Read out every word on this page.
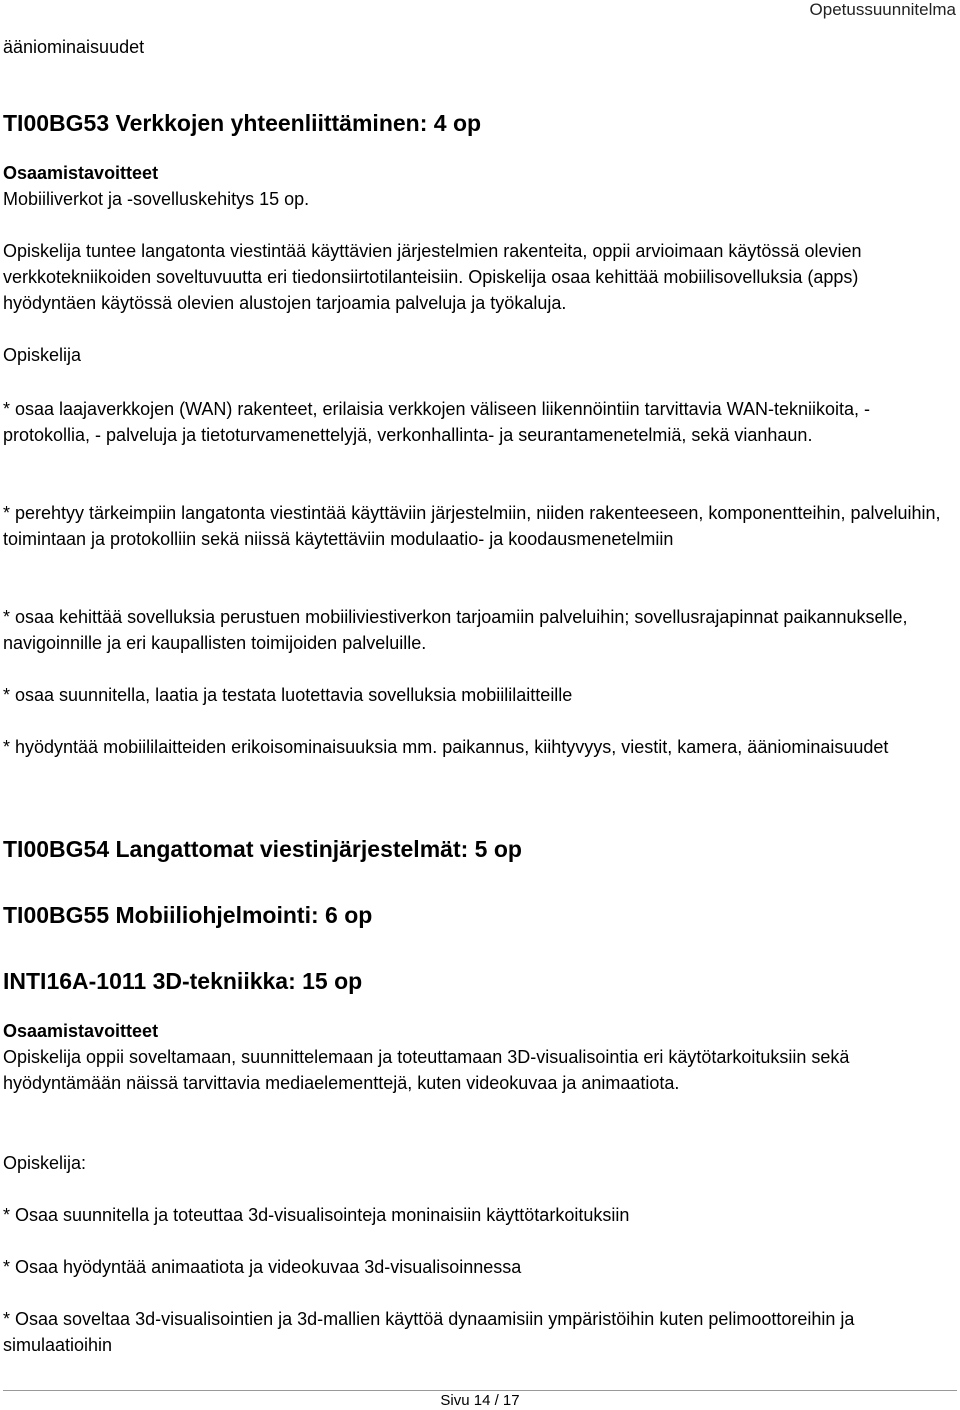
Opetussuunnitelma

ääniominaisuudet

TI00BG53 Verkkojen yhteenliittäminen: 4 op
Osaamistavoitteet

Mobiiliverkot ja -sovelluskehitys 15 op.

Opiskelija tuntee langatonta viestintää käyttävien järjestelmien rakenteita, oppii arvioimaan käytössä olevien verkkotekniikoiden soveltuvuutta eri tiedonsiirtotilanteisiin. Opiskelija osaa kehittää mobiilisovelluksia (apps) hyödyntäen käytössä olevien alustojen tarjoamia palveluja ja työkaluja.

Opiskelija

* osaa laajaverkkojen (WAN) rakenteet, erilaisia verkkojen väliseen liikennöintiin tarvittavia WAN-tekniikoita, -protokollia, - palveluja ja tietoturvamenettelyjä, verkonhallinta- ja seurantamenetelmiä, sekä vianhaun.

* perehtyy tärkeimpiin langatonta viestintää käyttäviin järjestelmiin, niiden rakenteeseen, komponentteihin, palveluihin, toimintaan ja protokolliin sekä niissä käytettäviin modulaatio- ja koodausmenetelmiin

* osaa kehittää sovelluksia perustuen mobiiliviestiverkon tarjoamiin palveluihin; sovellusrajapinnat paikannukselle, navigoinnille ja eri kaupallisten toimijoiden palveluille.

* osaa suunnitella, laatia ja testata luotettavia sovelluksia mobiililaitteille

* hyödyntää mobiililaitteiden erikoisominaisuuksia mm. paikannus, kiihtyvyys, viestit, kamera, ääniominaisuudet

TI00BG54 Langattomat viestinjärjestelmät: 5 op
TI00BG55 Mobiiliohjelmointi: 6 op
INTI16A-1011 3D-tekniikka: 15 op
Osaamistavoitteet

Opiskelija oppii soveltamaan, suunnittelemaan ja toteuttamaan 3D-visualisointia eri käytötarkoituksiin sekä hyödyntämään näissä tarvittavia mediaelementtejä, kuten videokuvaa ja animaatiota.

Opiskelija:

* Osaa suunnitella ja toteuttaa 3d-visualisointeja moninaisiin käyttötarkoituksiin

* Osaa hyödyntää animaatiota ja videokuvaa 3d-visualisoinnessa

* Osaa soveltaa 3d-visualisointien ja 3d-mallien käyttöä dynaamisiin ympäristöihin kuten pelimoottoreihin ja simulaatioihin

Sivu 14 / 17
